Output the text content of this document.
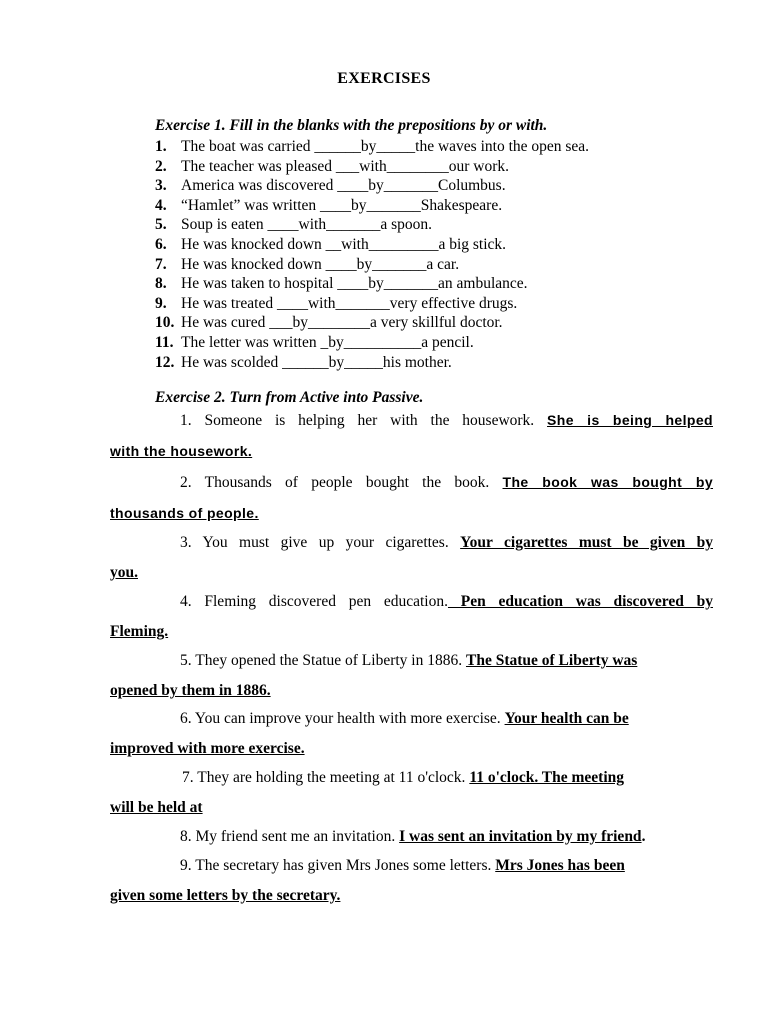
EXERCISES
Exercise 1. Fill in the blanks with the prepositions by or with.
1. The boat was carried ______by_____the waves into the open sea.
2. The teacher was pleased ___with________our work.
3. America was discovered ____by_______Columbus.
4. “Hamlet” was written ____by_______Shakespeare.
5. Soup is eaten ____with_______a spoon.
6. He was knocked down __with_________a big stick.
7. He was knocked down ____by_______a car.
8. He was taken to hospital ____by_______an ambulance.
9. He was treated ____with_______very effective drugs.
10. He was cured ___by________a very skillful doctor.
11. The letter was written _by__________a pencil.
12. He was scolded ______by_____his mother.
Exercise 2. Turn from Active into Passive.
1. Someone is helping her with the housework. She is being helped
with the housework.
2. Thousands of people bought the book. The book was bought by
thousands of people.
3. You must give up your cigarettes. Your cigarettes must be given by
you.
4. Fleming discovered pen education. Pen education was discovered by
Fleming.
5. They opened the Statue of Liberty in 1886. The Statue of Liberty was
opened by them in 1886.
6. You can improve your health with more exercise. Your health can be
improved with more exercise.
7. They are holding the meeting at 11 o'clock. 11 o'clock. The meeting
will be held at
8. My friend sent me an invitation. I was sent an invitation by my friend.
9. The secretary has given Mrs Jones some letters. Mrs Jones has been
given some letters by the secretary.
